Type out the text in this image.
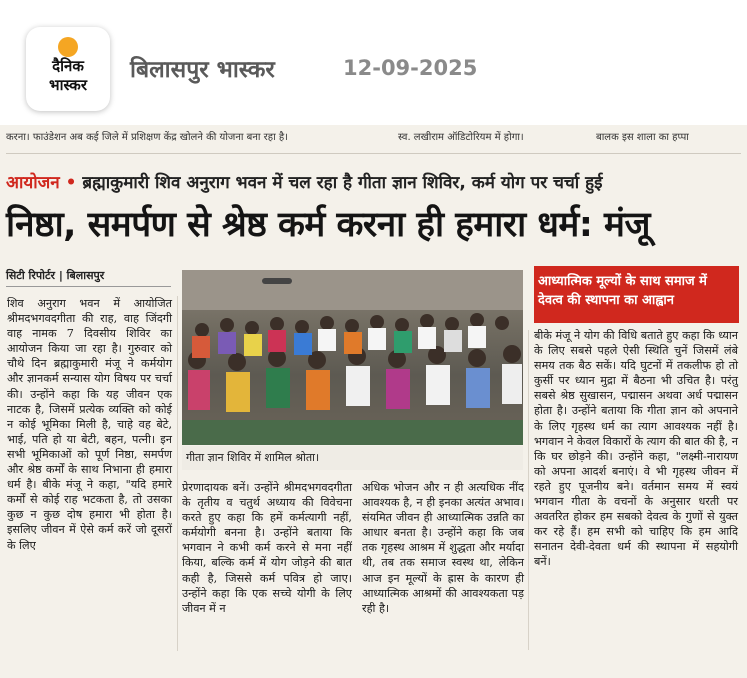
दैनिक
भास्कर
बिलासपुर भास्कर	12-09-2025
करना। फाउंडेशन अब कई जिले में प्रशिक्षण केंद्र खोलने की योजना बना रहा है।	स्व. लखीराम ऑडिटोरियम में होगा।	बालक इस शाला का हप्पा
आयोजन • ब्रह्माकुमारी शिव अनुराग भवन में चल रहा है गीता ज्ञान शिविर, कर्म योग पर चर्चा हुई
निष्ठा, समर्पण से श्रेष्ठ कर्म करना ही हमारा धर्म: मंजू
सिटी रिपोर्टर | बिलासपुर
शिव अनुराग भवन में आयोजित श्रीमदभगवदगीता की राह, वाह जिंदगी वाह नामक 7 दिवसीय शिविर का आयोजन किया जा रहा है। गुरुवार को चौथे दिन ब्रह्माकुमारी मंजू ने कर्मयोग और ज्ञानकर्म सन्यास योग विषय पर चर्चा की। उन्होंने कहा कि यह जीवन एक नाटक है, जिसमें प्रत्येक व्यक्ति को कोई न कोई भूमिका मिली है, चाहे वह बेटे, भाई, पति हो या बेटी, बहन, पत्नी। इन सभी भूमिकाओं को पूर्ण निष्ठा, समर्पण और श्रेष्ठ कर्मों के साथ निभाना ही हमारा धर्म है। बीके मंजू ने कहा, "यदि हमारे कर्मों से कोई राह भटकता है, तो उसका कुछ न कुछ दोष हमारा भी होता है। इसलिए जीवन में ऐसे कर्म करें जो दूसरों के लिए
गीता ज्ञान शिविर में शामिल श्रोता।
प्रेरणादायक बनें। उन्होंने श्रीमदभगवदगीता के तृतीय व चतुर्थ अध्याय की विवेचना करते हुए कहा कि हमें कर्मत्यागी नहीं, कर्मयोगी बनना है। उन्होंने बताया कि भगवान ने कभी कर्म करने से मना नहीं किया, बल्कि कर्म में योग जोड़ने की बात कही है, जिससे कर्म पवित्र हो जाए। उन्होंने कहा कि एक सच्चे योगी के लिए जीवन में न
अधिक भोजन और न ही अत्यधिक नींद आवश्यक है, न ही इनका अत्यंत अभाव। संयमित जीवन ही आध्यात्मिक उन्नति का आधार बनता है। उन्होंने कहा कि जब तक गृहस्थ आश्रम में शुद्धता और मर्यादा थी, तब तक समाज स्वस्थ था, लेकिन आज इन मूल्यों के ह्रास के कारण ही आध्यात्मिक आश्रमों की आवश्यकता पड़ रही है।
आध्यात्मिक मूल्यों के साथ समाज में देवत्व की स्थापना का आह्वान
बीके मंजू ने योग की विधि बताते हुए कहा कि ध्यान के लिए सबसे पहले ऐसी स्थिति चुनें जिसमें लंबे समय तक बैठ सकें। यदि घुटनों में तकलीफ हो तो कुर्सी पर ध्यान मुद्रा में बैठना भी उचित है। परंतु सबसे श्रेष्ठ सुखासन, पद्मासन अथवा अर्ध पद्मासन होता है। उन्होंने बताया कि गीता ज्ञान को अपनाने के लिए गृहस्थ धर्म का त्याग आवश्यक नहीं है। भगवान ने केवल विकारों के त्याग की बात की है, न कि घर छोड़ने की। उन्होंने कहा, "लक्ष्मी-नारायण को अपना आदर्श बनाएं। वे भी गृहस्थ जीवन में रहते हुए पूजनीय बने। वर्तमान समय में स्वयं भगवान गीता के वचनों के अनुसार धरती पर अवतरित होकर हम सबको देवत्व के गुणों से युक्त कर रहे हैं। हम सभी को चाहिए कि हम आदि सनातन देवी-देवता धर्म की स्थापना में सहयोगी बनें।
